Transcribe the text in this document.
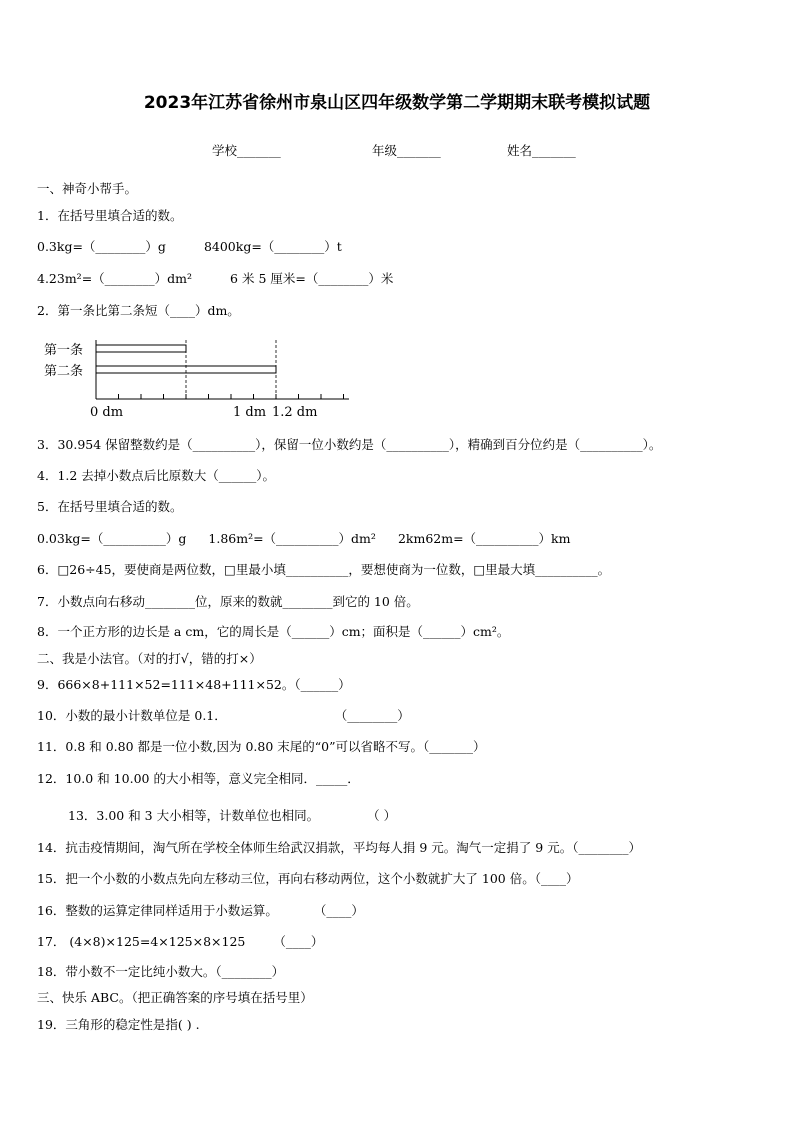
2023年江苏省徐州市泉山区四年级数学第二学期期末联考模拟试题
学校_______	年级_______	姓名_______
一、神奇小帮手。
1．在括号里填合适的数。
0.3kg=（________）g	8400kg=（________）t
4.23m²=（________）dm²	6 米 5 厘米=（________）米
2．第一条比第二条短（____）dm。
第一条
第二条
0 dm	1 dm 1.2 dm
3．30.954 保留整数约是（__________），保留一位小数约是（__________），精确到百分位约是（__________）。
4．1.2 去掉小数点后比原数大（______）。
5．在括号里填合适的数。
0.03kg=（__________）g 1.86m²=（__________）dm² 2km62m=（__________）km
6．□26÷45，要使商是两位数，□里最小填__________，要想使商为一位数，□里最大填__________。
7．小数点向右移动________位，原来的数就________到它的 10 倍。
8．一个正方形的边长是 a cm，它的周长是（______）cm；面积是（______）cm²。
二、我是小法官。（对的打√，错的打×）
9．666×8+111×52=111×48+111×52。（______）
10．小数的最小计数单位是 0.1．	（________）
11．0.8 和 0.80 都是一位小数,因为 0.80 末尾的“0”可以省略不写。（_______）
12．10.0 和 10.00 的大小相等，意义完全相同．_____．
13．3.00 和 3 大小相等，计数单位也相同。	（ ）
14．抗击疫情期间，淘气所在学校全体师生给武汉捐款，平均每人捐 9 元。淘气一定捐了 9 元。（________）
15．把一个小数的小数点先向左移动三位，再向右移动两位，这个小数就扩大了 100 倍。（____）
16．整数的运算定律同样适用于小数运算。	（____）
17． (4×8)×125=4×125×8×125 （____）
18．带小数不一定比纯小数大。（________）
三、快乐 ABC。（把正确答案的序号填在括号里）
19．三角形的稳定性是指( ) .
